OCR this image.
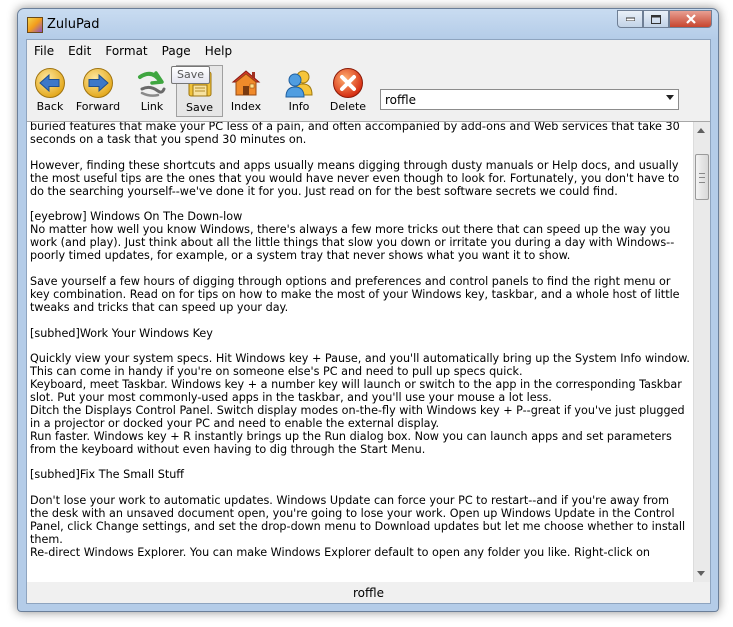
ZuluPad
File	Edit	Format	Page	Help
Back	Forward	Link	Save	Index	Info	Delete	roffle
buried features that make your PC less of a pain, and often accompanied by add-ons and Web services that take 30 seconds on a task that you spend 30 minutes on.

However, finding these shortcuts and apps usually means digging through dusty manuals or Help docs, and usually the most useful tips are the ones that you would have never even though to look for. Fortunately, you don't have to do the searching yourself--we've done it for you. Just read on for the best software secrets we could find.

[eyebrow] Windows On The Down-low
No matter how well you know Windows, there's always a few more tricks out there that can speed up the way you work (and play). Just think about all the little things that slow you down or irritate you during a day with Windows--poorly timed updates, for example, or a system tray that never shows what you want it to show.

Save yourself a few hours of digging through options and preferences and control panels to find the right menu or key combination. Read on for tips on how to make the most of your Windows key, taskbar, and a whole host of little tweaks and tricks that can speed up your day.

[subhed]Work Your Windows Key

Quickly view your system specs. Hit Windows key + Pause, and you'll automatically bring up the System Info window. This can come in handy if you're on someone else's PC and need to pull up specs quick.
Keyboard, meet Taskbar. Windows key + a number key will launch or switch to the app in the corresponding Taskbar slot. Put your most commonly-used apps in the taskbar, and you'll use your mouse a lot less.
Ditch the Displays Control Panel. Switch display modes on-the-fly with Windows key + P--great if you've just plugged in a projector or docked your PC and need to enable the external display.
Run faster. Windows key + R instantly brings up the Run dialog box. Now you can launch apps and set parameters from the keyboard without even having to dig through the Start Menu.

[subhed]Fix The Small Stuff

Don't lose your work to automatic updates. Windows Update can force your PC to restart--and if you're away from the desk with an unsaved document open, you're going to lose your work. Open up Windows Update in the Control Panel, click Change settings, and set the drop-down menu to Download updates but let me choose whether to install them.
Re-direct Windows Explorer. You can make Windows Explorer default to open any folder you like. Right-click on
roffle
Save
